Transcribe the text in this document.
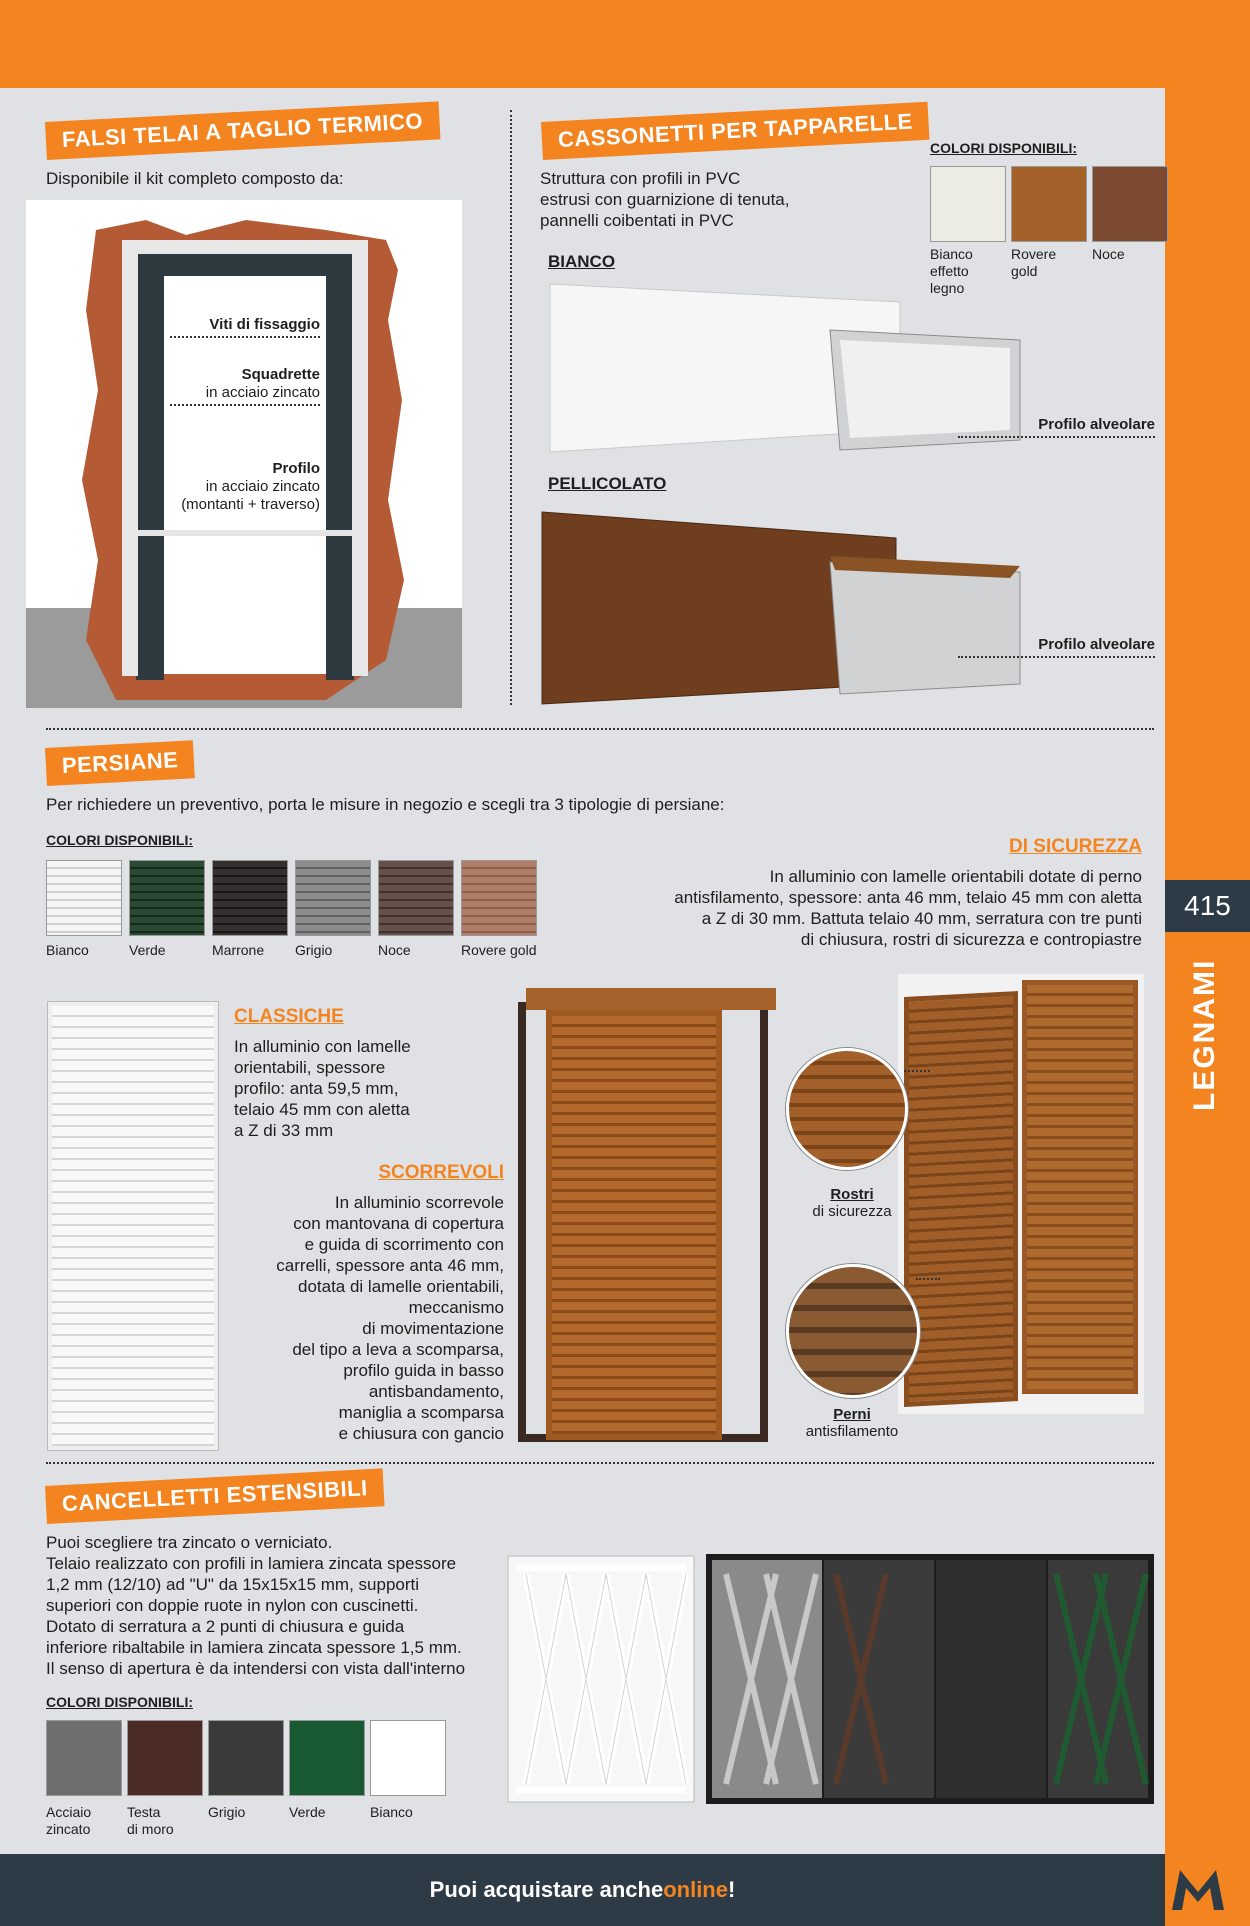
415
LEGNAMI
Puoi acquistare anche online !
FALSI TELAI A TAGLIO TERMICO
Disponibile il kit completo composto da:
Viti di fissaggio
Squadrette
in acciaio zincato
Profilo
in acciaio zincato
(montanti + traverso)
CASSONETTI PER TAPPARELLE
Struttura con profili in PVC
estrusi con guarnizione di tenuta,
pannelli coibentati in PVC
COLORI DISPONIBILI:
Bianco
effetto
legno
Rovere
gold
Noce
BIANCO
Profilo alveolare
PELLICOLATO
Profilo alveolare
PERSIANE
Per richiedere un preventivo, porta le misure in negozio e scegli tra 3 tipologie di persiane:
COLORI DISPONIBILI:
Bianco	Verde	Marrone	Grigio	Noce	Rovere gold
DI SICUREZZA
In alluminio con lamelle orientabili dotate di perno
antisfilamento, spessore: anta 46 mm, telaio 45 mm con aletta
a Z di 30 mm. Battuta telaio 40 mm, serratura con tre punti
di chiusura, rostri di sicurezza e contropiastre
CLASSICHE
In alluminio con lamelle
orientabili, spessore
profilo: anta 59,5 mm,
telaio 45 mm con aletta
a Z di 33 mm
SCORREVOLI
In alluminio scorrevole
con mantovana di copertura
e guida di scorrimento con
carrelli, spessore anta 46 mm,
dotata di lamelle orientabili,
meccanismo
di movimentazione
del tipo a leva a scomparsa,
profilo guida in basso
antisbandamento,
maniglia a scomparsa
e chiusura con gancio
Rostri
di sicurezza
Perni
antisfilamento
CANCELLETTI ESTENSIBILI
Puoi scegliere tra zincato o verniciato.
Telaio realizzato con profili in lamiera zincata spessore
1,2 mm (12/10) ad "U" da 15x15x15 mm, supporti
superiori con doppie ruote in nylon con cuscinetti.
Dotato di serratura a 2 punti di chiusura e guida
inferiore ribaltabile in lamiera zincata spessore 1,5 mm.
Il senso di apertura è da intendersi con vista dall'interno
COLORI DISPONIBILI:
Acciaio
zincato
Testa
di moro
Grigio	Verde	Bianco
